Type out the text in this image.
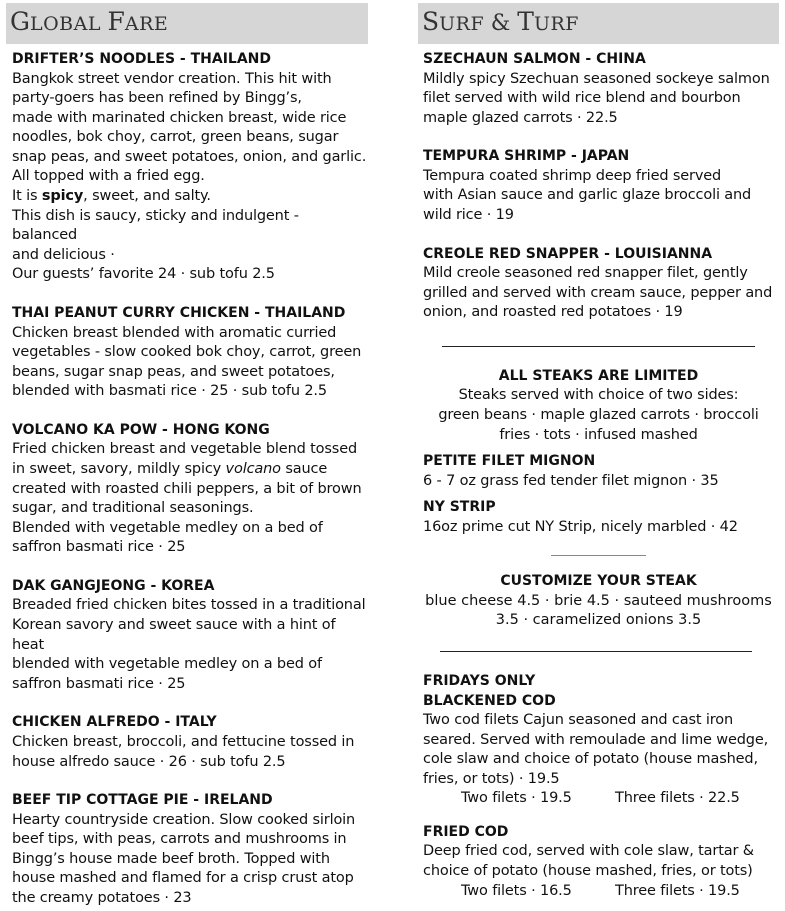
GLOBAL FARE
DRIFTER’S NOODLES - THAILAND
Bangkok street vendor creation. This hit with
party-goers has been refined by Bingg’s,
made with marinated chicken breast, wide rice
noodles, bok choy, carrot, green beans, sugar
snap peas, and sweet potatoes, onion, and garlic.
All topped with a fried egg.
It is spicy, sweet, and salty.
This dish is saucy, sticky and indulgent - balanced
and delicious ·
Our guests’ favorite 24 · sub tofu 2.5
THAI PEANUT CURRY CHICKEN - THAILAND
Chicken breast blended with aromatic curried
vegetables - slow cooked bok choy, carrot, green
beans, sugar snap peas, and sweet potatoes,
blended with basmati rice · 25 · sub tofu 2.5
VOLCANO KA POW - HONG KONG
Fried chicken breast and vegetable blend tossed
in sweet, savory, mildly spicy volcano sauce
created with roasted chili peppers, a bit of brown
sugar, and traditional seasonings.
Blended with vegetable medley on a bed of
saffron basmati rice · 25
DAK GANGJEONG - KOREA
Breaded fried chicken bites tossed in a traditional
Korean savory and sweet sauce with a hint of heat
blended with vegetable medley on a bed of
saffron basmati rice · 25
CHICKEN ALFREDO - ITALY
Chicken breast, broccoli, and fettucine tossed in
house alfredo sauce · 26 · sub tofu 2.5
BEEF TIP COTTAGE PIE - IRELAND
Hearty countryside creation. Slow cooked sirloin
beef tips, with peas, carrots and mushrooms in
Bingg’s house made beef broth. Topped with
house mashed and flamed for a crisp crust atop
the creamy potatoes · 23
SURF & TURF
SZECHAUN SALMON - CHINA
Mildly spicy Szechuan seasoned sockeye salmon
filet served with wild rice blend and bourbon
maple glazed carrots · 22.5
TEMPURA SHRIMP - JAPAN
Tempura coated shrimp deep fried served
with Asian sauce and garlic glaze broccoli and
wild rice · 19
CREOLE RED SNAPPER - LOUISIANNA
Mild creole seasoned red snapper filet, gently
grilled and served with cream sauce, pepper and
onion, and roasted red potatoes · 19
ALL STEAKS ARE LIMITED
Steaks served with choice of two sides:
green beans · maple glazed carrots · broccoli
fries · tots · infused mashed
PETITE FILET MIGNON
6 - 7 oz grass fed tender filet mignon · 35
NY STRIP
16oz prime cut NY Strip, nicely marbled · 42
CUSTOMIZE YOUR STEAK
blue cheese 4.5 · brie 4.5 · sauteed mushrooms
3.5 · caramelized onions 3.5
FRIDAYS ONLY
BLACKENED COD
Two cod filets Cajun seasoned and cast iron
seared. Served with remoulade and lime wedge,
cole slaw and choice of potato (house mashed,
fries, or tots) · 19.5
Two filets · 19.5	Three filets · 22.5
FRIED COD
Deep fried cod, served with cole slaw, tartar &
choice of potato (house mashed, fries, or tots)
Two filets · 16.5	Three filets · 19.5
